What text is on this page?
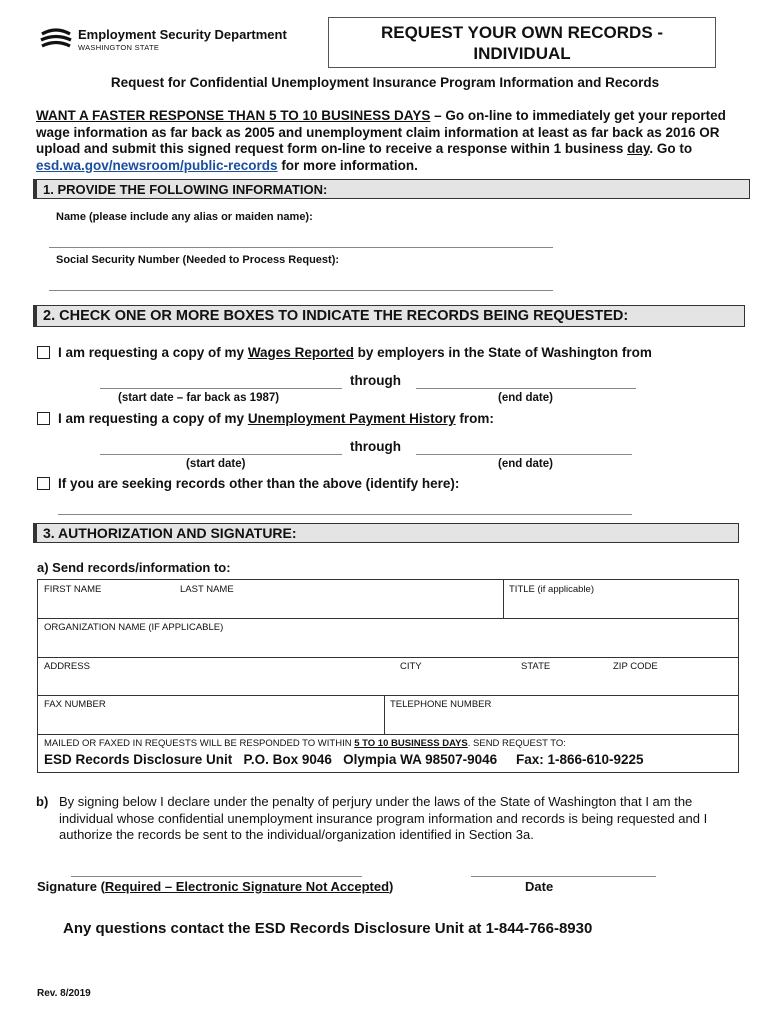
Employment Security Department
WASHINGTON STATE
REQUEST YOUR OWN RECORDS -
INDIVIDUAL
Request for Confidential Unemployment Insurance Program Information and Records
WANT A FASTER RESPONSE THAN 5 TO 10 BUSINESS DAYS – Go on-line to immediately get your reported wage information as far back as 2005 and unemployment claim information at least as far back as 2016 OR upload and submit this signed request form on-line to receive a response within 1 business day. Go to esd.wa.gov/newsroom/public-records for more information.
1. PROVIDE THE FOLLOWING INFORMATION:
Name (please include any alias or maiden name):
Social Security Number (Needed to Process Request):
2. CHECK ONE OR MORE BOXES TO INDICATE THE RECORDS BEING REQUESTED:
I am requesting a copy of my Wages Reported by employers in the State of Washington from
through
(start date – far back as 1987)	(end date)
I am requesting a copy of my Unemployment Payment History from:
through
(start date)	(end date)
If you are seeking records other than the above (identify here):
3. AUTHORIZATION AND SIGNATURE:
a) Send records/information to:
FIRST NAME	LAST NAME	TITLE (if applicable)
ORGANIZATION NAME (IF APPLICABLE)
ADDRESS	CITY	STATE	ZIP CODE
FAX NUMBER	TELEPHONE NUMBER
MAILED OR FAXED IN REQUESTS WILL BE RESPONDED TO WITHIN 5 TO 10 BUSINESS DAYS. SEND REQUEST TO:
ESD Records Disclosure Unit   P.O. Box 9046   Olympia WA 98507-9046     Fax: 1-866-610-9225
b) By signing below I declare under the penalty of perjury under the laws of the State of Washington that I am the individual whose confidential unemployment insurance program information and records is being requested and I authorize the records be sent to the individual/organization identified in Section 3a.
Signature (Required – Electronic Signature Not Accepted)	Date
Any questions contact the ESD Records Disclosure Unit at 1-844-766-8930
Rev. 8/2019
